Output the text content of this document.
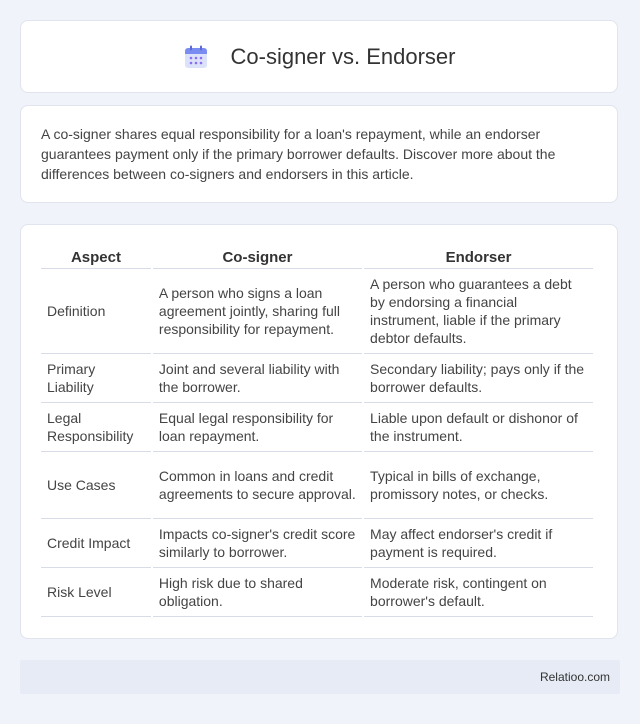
Co-signer vs. Endorser

A co-signer shares equal responsibility for a loan's repayment, while an endorser guarantees payment only if the primary borrower defaults. Discover more about the differences between co-signers and endorsers in this article.

Aspect	Co-signer	Endorser
Definition	A person who signs a loan agreement jointly, sharing full responsibility for repayment.	A person who guarantees a debt by endorsing a financial instrument, liable if the primary debtor defaults.
Primary Liability	Joint and several liability with the borrower.	Secondary liability; pays only if the borrower defaults.
Legal Responsibility	Equal legal responsibility for loan repayment.	Liable upon default or dishonor of the instrument.
Use Cases	Common in loans and credit agreements to secure approval.	Typical in bills of exchange, promissory notes, or checks.
Credit Impact	Impacts co-signer's credit score similarly to borrower.	May affect endorser's credit if payment is required.
Risk Level	High risk due to shared obligation.	Moderate risk, contingent on borrower's default.
Relatioo.com
